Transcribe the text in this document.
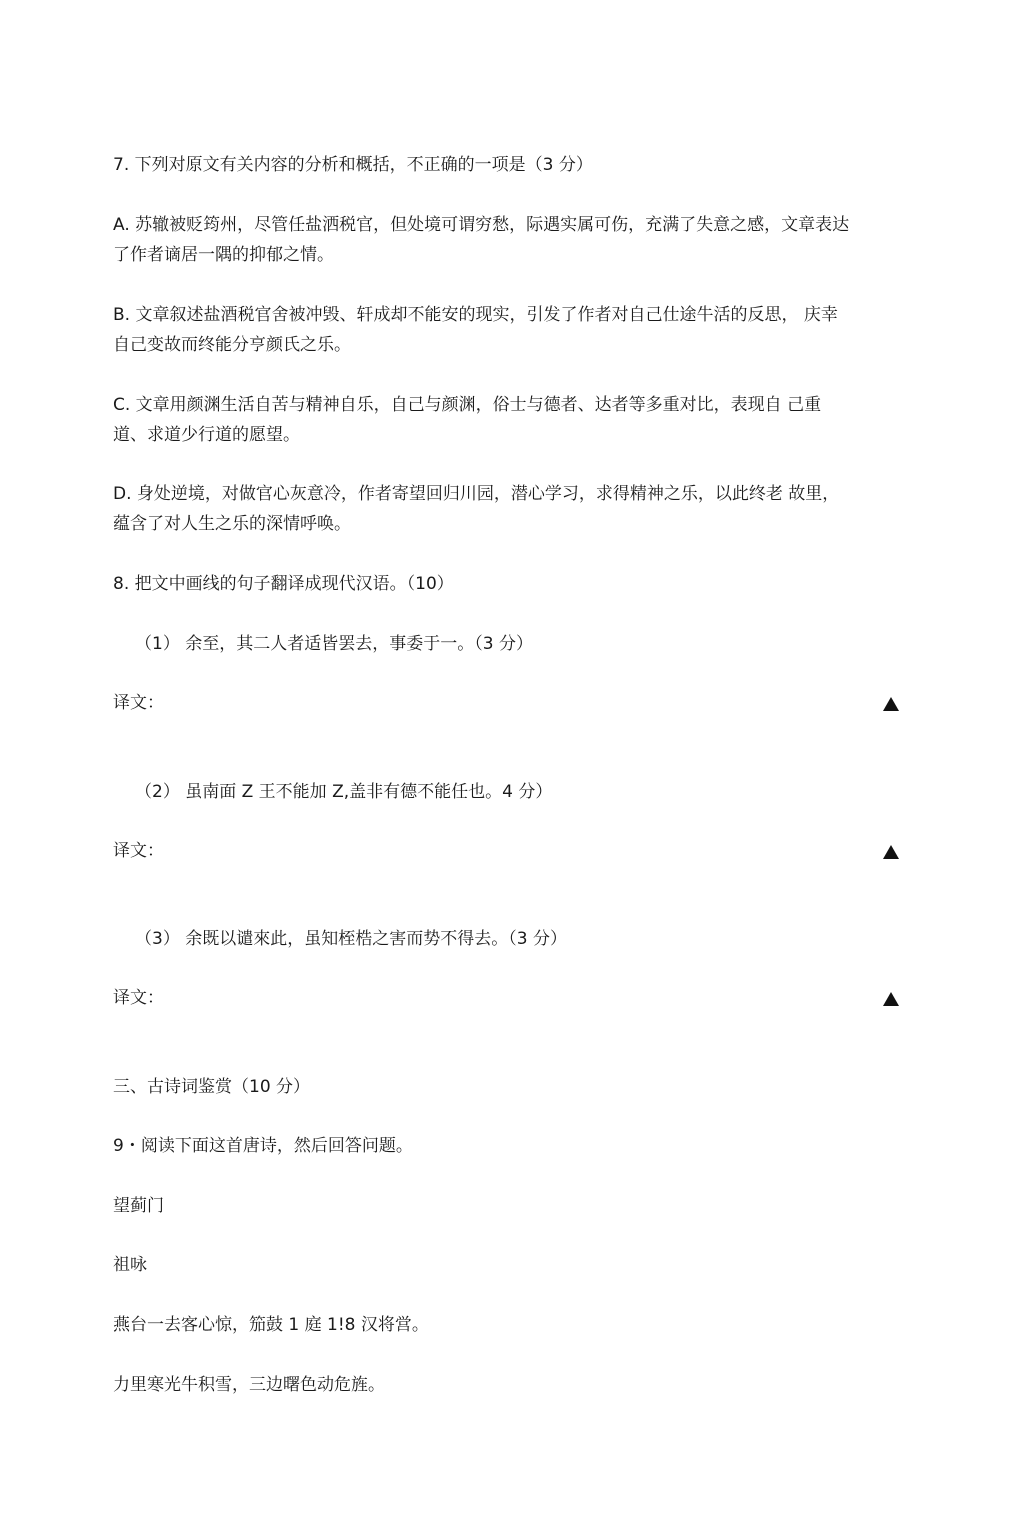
7. 下列对原文有关内容的分析和概括，不正确的一项是（3 分）
A. 苏辙被贬筠州，尽管任盐洒税官，但处境可谓穷愁，际遇实属可伤，充满了失意之感，文章表达
了作者谪居一隅的抑郁之情。
B. 文章叙述盐酒税官舍被冲毁、轩成却不能安的现实，引发了作者对自己仕途牛活的反思， 庆幸
自己变故而终能分亨颜氏之乐。
C. 文章用颜渊生活自苦与精神自乐，自己与颜渊，俗士与德者、达者等多重对比，表现自 己重
道、求道少行道的愿望。
D. 身处逆境，对做官心灰意冷，作者寄望回归川园，潜心学习，求得精神之乐，以此终老 故里，
蕴含了对人生之乐的深情呼唤。
8. 把文中画线的句子翻译成现代汉语。（10）
（1） 余至，其二人者适皆罢去，事委于一。（3 分）
译文：
（2） 虽南面 Z 王不能加 Z,盖非有德不能任也。4 分）
译文：
（3） 余既以谴來此，虽知桎梏之害而势不得去。（3 分）
译文：
三、古诗词鉴赏（10 分）
9・阅读下面这首唐诗，然后回答问题。
望蓟门
祖咏
燕台一去客心惊，笳鼓 1 庭 1!8 汉将営。
力里寒光牛积雪，三边曙色动危旌。
